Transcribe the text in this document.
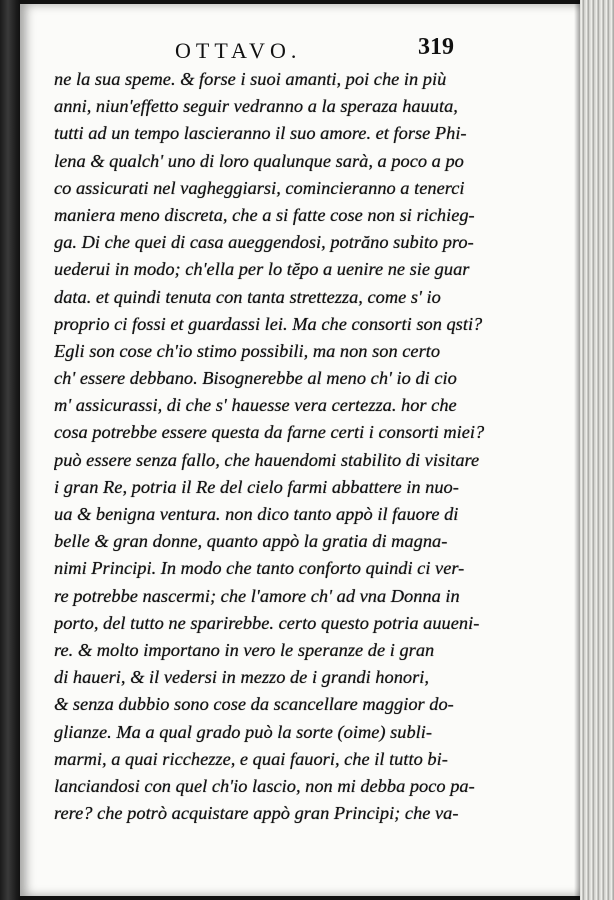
OTTAVO.	319
ne la sua speme. & forse i suoi amanti, poi che in più
anni, niun'effetto seguir vedranno a la speraza hauuta,
tutti ad un tempo lascieranno il suo amore. et forse Phi-
lena & qualch' uno di loro qualunque sarà, a poco a po
co assicurati nel vagheggiarsi, comincieranno a tenerci
maniera meno discreta, che a si fatte cose non si richieg-
ga. Di che quei di casa aueggendosi, potrăno subito pro-
uederui in modo; ch'ella per lo tĕpo a uenire ne sie guar
data. et quindi tenuta con tanta strettezza, come s' io
proprio ci fossi et guardassi lei. Ma che consorti son qsti?
Egli son cose ch'io stimo possibili, ma non son certo
ch' essere debbano. Bisognerebbe al meno ch' io di cio
m' assicurassi, di che s' hauesse vera certezza. hor che
cosa potrebbe essere questa da farne certi i consorti miei?
può essere senza fallo, che hauendomi stabilito di visitare
i gran Re, potria il Re del cielo farmi abbattere in nuo-
ua & benigna ventura. non dico tanto appò il fauore di
belle & gran donne, quanto appò la gratia di magna-
nimi Principi. In modo che tanto conforto quindi ci ver-
re potrebbe nascermi; che l'amore ch' ad vna Donna in
porto, del tutto ne sparirebbe. certo questo potria auueni-
re. & molto importano in vero le speranze de i gran
di haueri, & il vedersi in mezzo de i grandi honori,
& senza dubbio sono cose da scancellare maggior do-
glianze. Ma a qual grado può la sorte (oime) subli-
marmi, a quai ricchezze, e quai fauori, che il tutto bi-
lanciandosi con quel ch'io lascio, non mi debba poco pa-
rere? che potrò acquistare appò gran Principi; che va-
